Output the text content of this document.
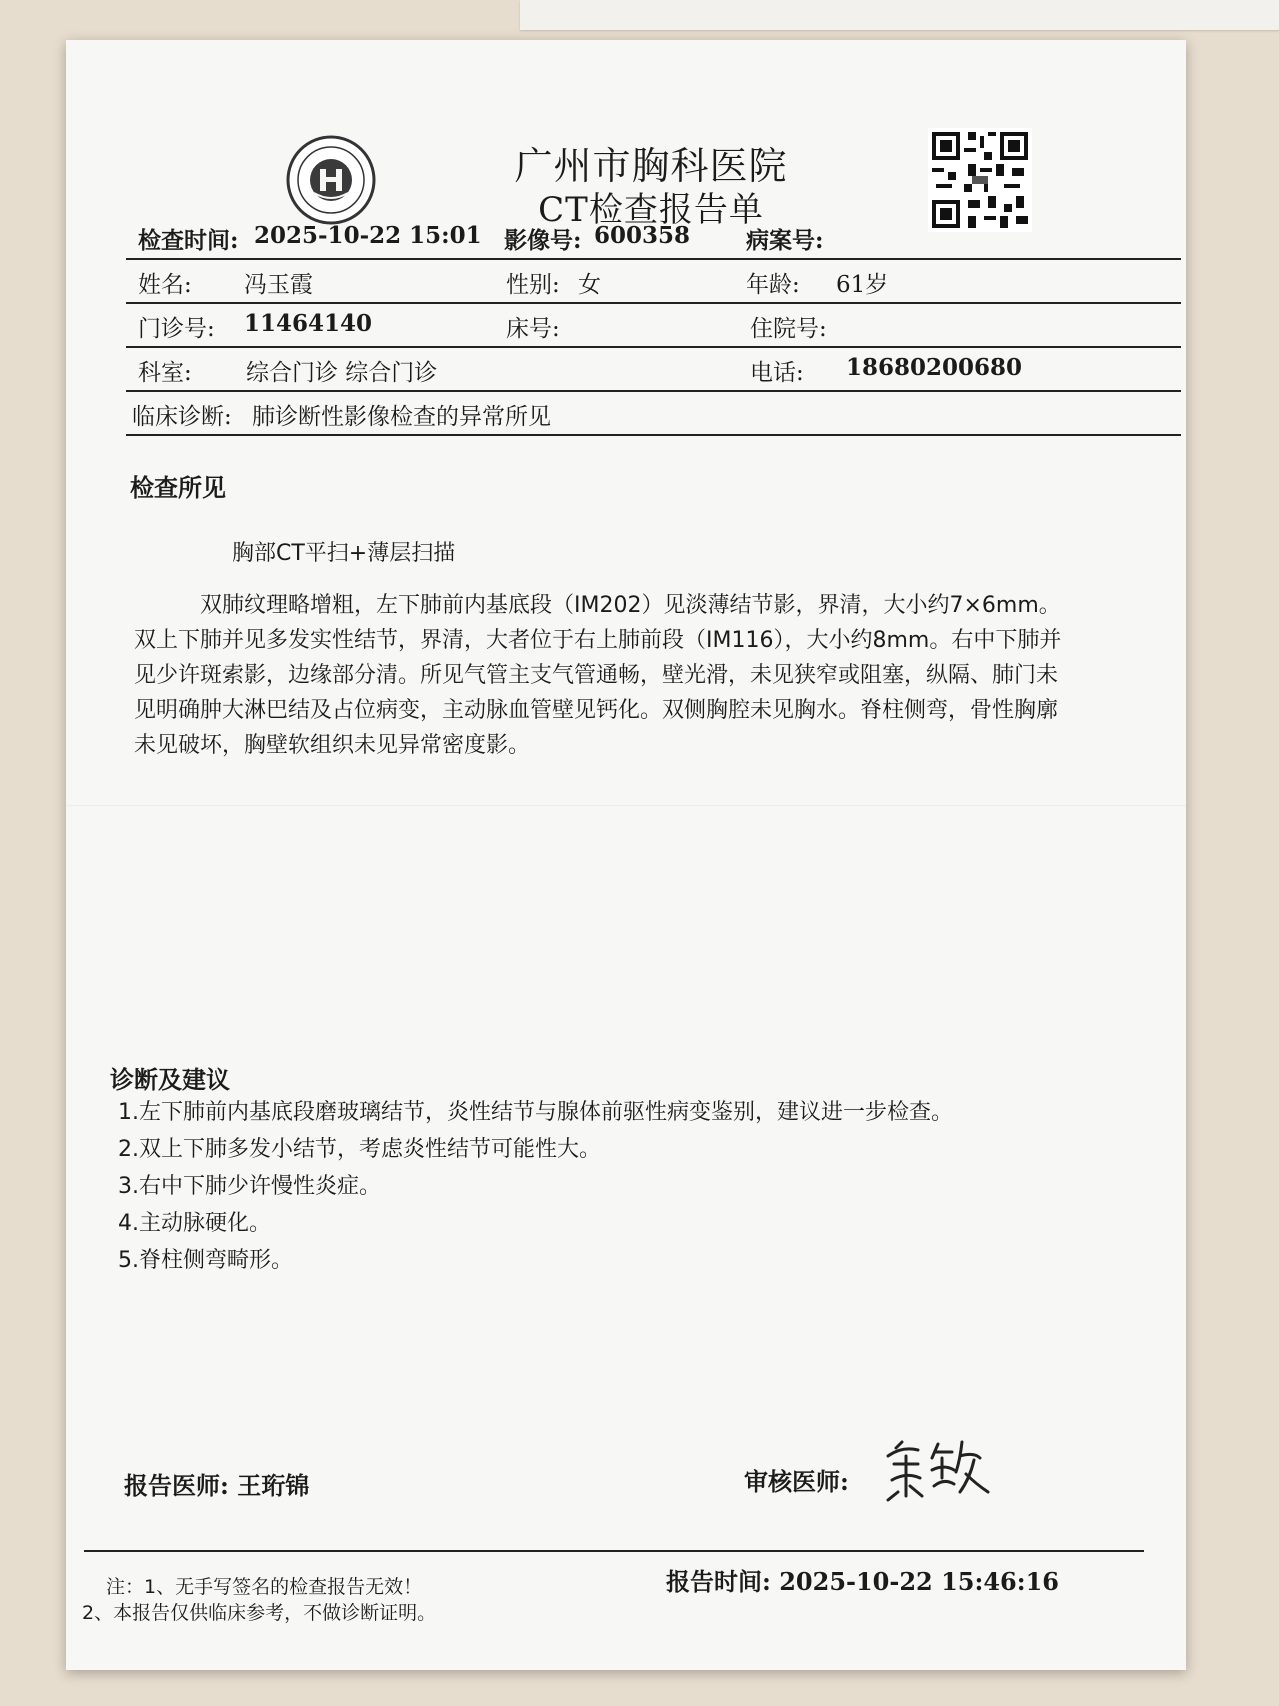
广州市胸科医院
CT检查报告单
检查时间: 2025-10-22 15:01 影像号: 600358 病案号:
姓名: 冯玉霞	性别: 女	年龄: 61岁
门诊号: 11464140	床号:	住院号:
科室: 综合门诊 综合门诊	电话: 18680200680
临床诊断: 肺诊断性影像检查的异常所见
检查所见
胸部CT平扫+薄层扫描
双肺纹理略增粗，左下肺前内基底段（IM202）见淡薄结节影，界清，大小约7×6mm。双上下肺并见多发实性结节，界清，大者位于右上肺前段（IM116），大小约8mm。右中下肺并见少许斑索影，边缘部分清。所见气管主支气管通畅，壁光滑，未见狭窄或阻塞，纵隔、肺门未见明确肿大淋巴结及占位病变，主动脉血管壁见钙化。双侧胸腔未见胸水。脊柱侧弯，骨性胸廓未见破坏，胸壁软组织未见异常密度影。
诊断及建议

1.左下肺前内基底段磨玻璃结节，炎性结节与腺体前驱性病变鉴别，建议进一步检查。

2.双上下肺多发小结节，考虑炎性结节可能性大。

3.右中下肺少许慢性炎症。

4.主动脉硬化。

5.脊柱侧弯畸形。

报告医师: 王珩锦	审核医师:
报告时间: 2025-10-22 15:46:16
注：1、无手写签名的检查报告无效！
2、本报告仅供临床参考，不做诊断证明。
